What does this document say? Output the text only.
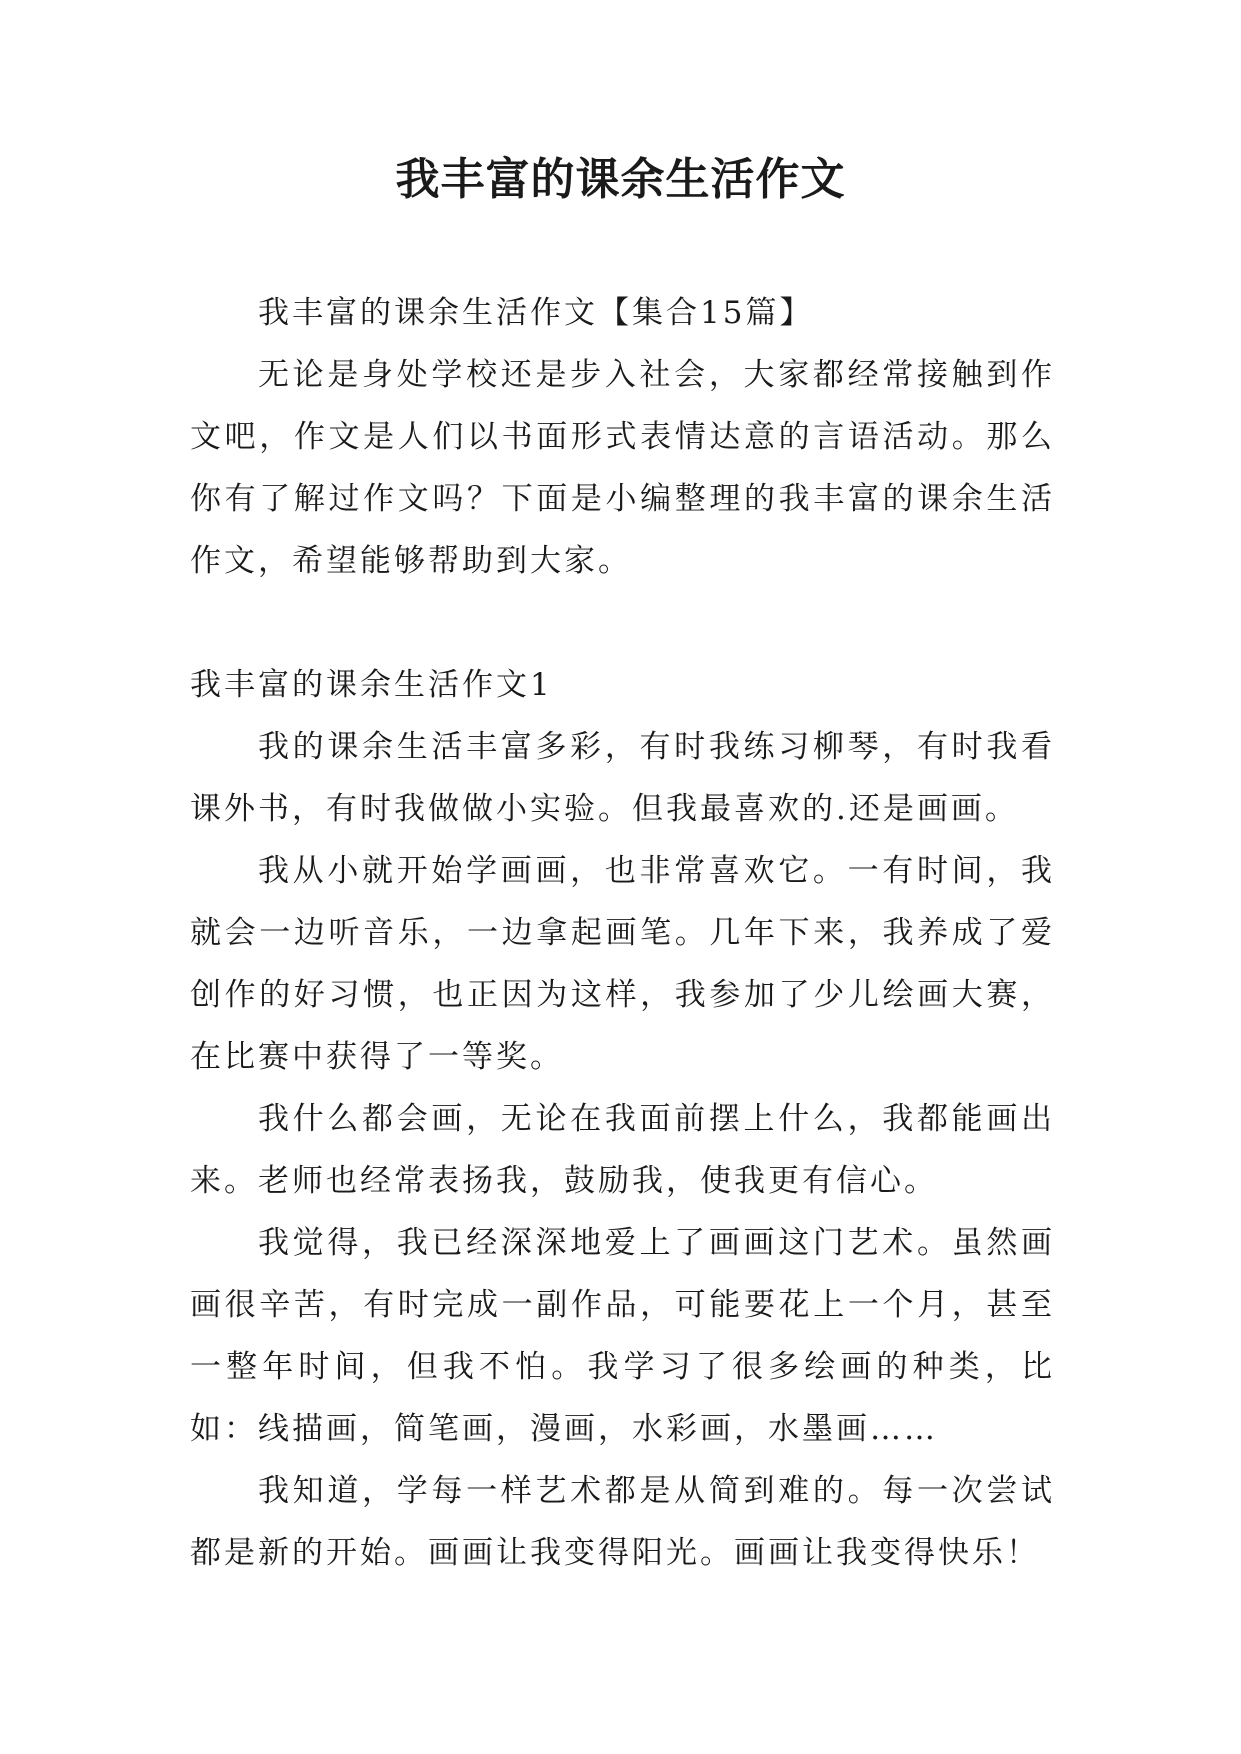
我丰富的课余生活作文

我丰富的课余生活作文【集合15篇】

无论是身处学校还是步入社会，大家都经常接触到作文吧，作文是人们以书面形式表情达意的言语活动。那么你有了解过作文吗？下面是小编整理的我丰富的课余生活作文，希望能够帮助到大家。

我丰富的课余生活作文1

我的课余生活丰富多彩，有时我练习柳琴，有时我看课外书，有时我做做小实验。但我最喜欢的.还是画画。

我从小就开始学画画，也非常喜欢它。一有时间，我就会一边听音乐，一边拿起画笔。几年下来，我养成了爱创作的好习惯，也正因为这样，我参加了少儿绘画大赛，在比赛中获得了一等奖。

我什么都会画，无论在我面前摆上什么，我都能画出来。老师也经常表扬我，鼓励我，使我更有信心。

我觉得，我已经深深地爱上了画画这门艺术。虽然画画很辛苦，有时完成一副作品，可能要花上一个月，甚至一整年时间，但我不怕。我学习了很多绘画的种类，比如：线描画，简笔画，漫画，水彩画，水墨画……

我知道，学每一样艺术都是从简到难的。每一次尝试都是新的开始。画画让我变得阳光。画画让我变得快乐！
